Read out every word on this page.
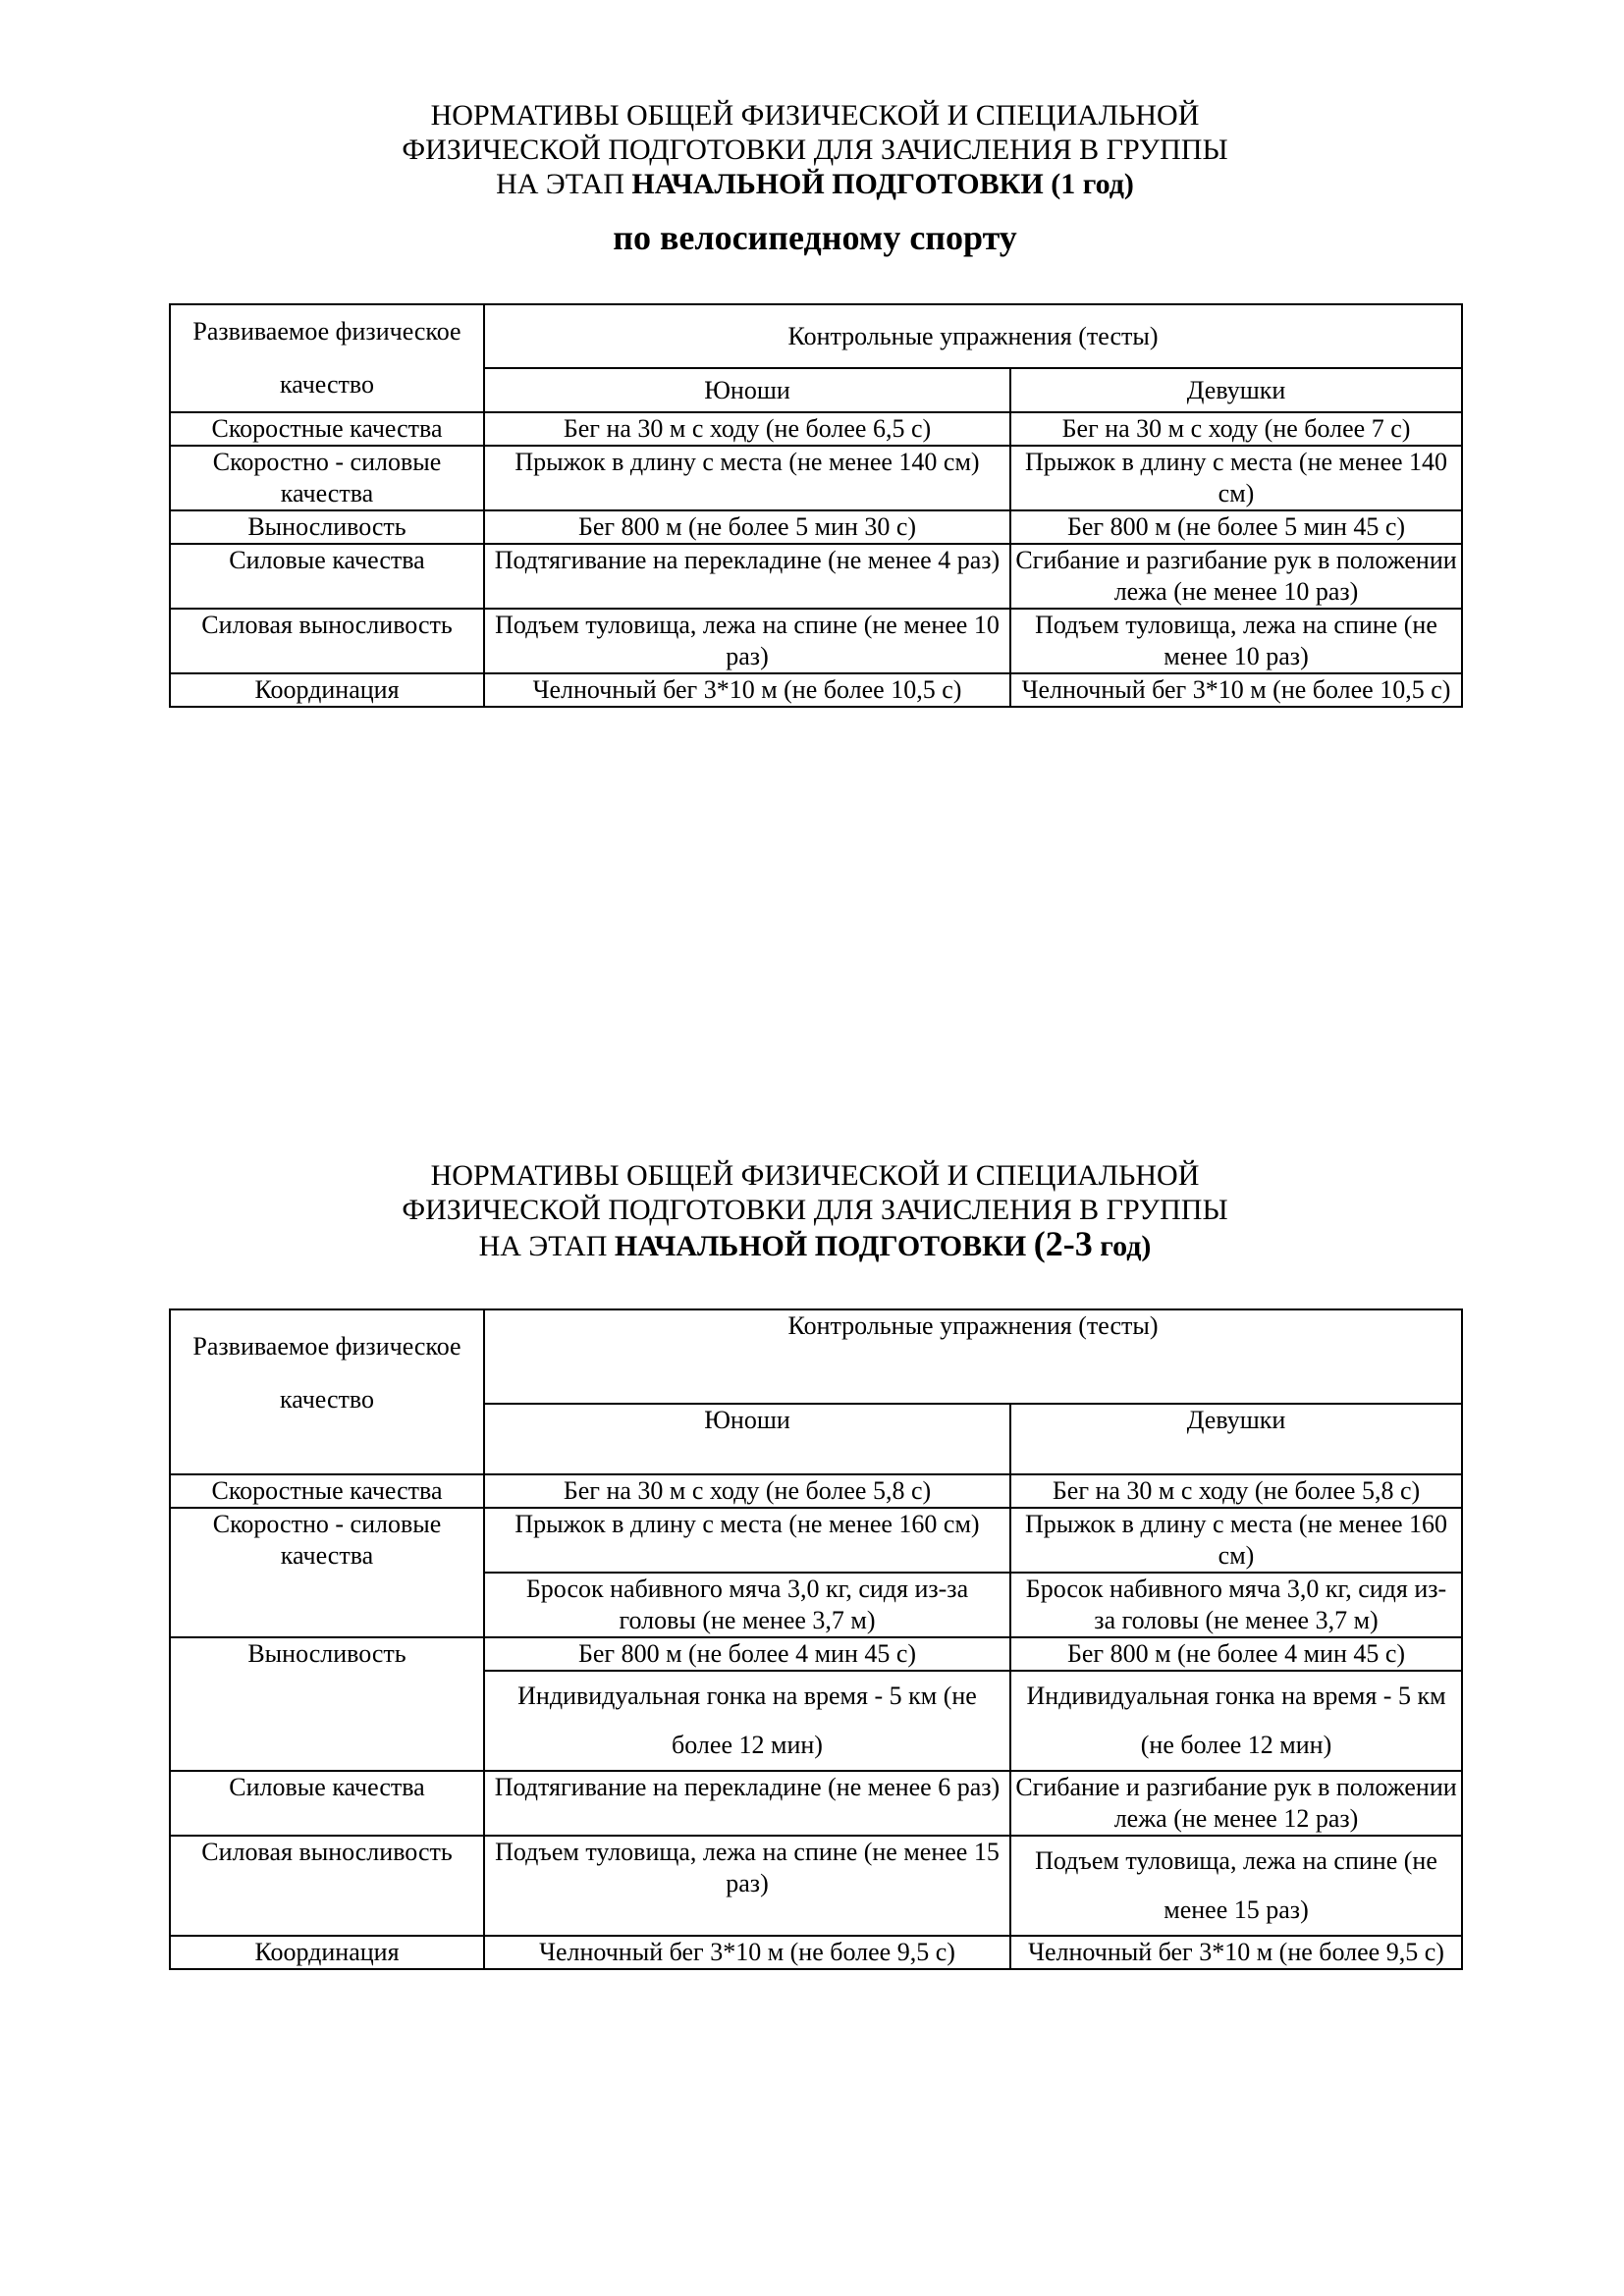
НОРМАТИВЫ ОБЩЕЙ ФИЗИЧЕСКОЙ И СПЕЦИАЛЬНОЙ
ФИЗИЧЕСКОЙ ПОДГОТОВКИ ДЛЯ ЗАЧИСЛЕНИЯ В ГРУППЫ
НА ЭТАП НАЧАЛЬНОЙ ПОДГОТОВКИ (1 год)
по велосипедному спорту
Развиваемое физическое качество	Контрольные упражнения (тесты)	
	Юноши	Девушки
Скоростные качества	Бег на 30 м с ходу (не более 6,5 с)	Бег на 30 м с ходу (не более 7 с)
Скоростно - силовые качества	Прыжок в длину с места (не менее 140 см)	Прыжок в длину с места (не менее 140 см)
Выносливость	Бег 800 м (не более 5 мин 30 с)	Бег 800 м (не более 5 мин 45 с)
Силовые качества	Подтягивание на перекладине (не менее 4 раз)	Сгибание и разгибание рук в положении лежа (не менее 10 раз)
Силовая выносливость	Подъем туловища, лежа на спине (не менее 10 раз)	Подъем туловища, лежа на спине (не менее 10 раз)
Координация	Челночный бег 3*10 м (не более 10,5 с)	Челночный бег 3*10 м (не более 10,5 с)
НОРМАТИВЫ ОБЩЕЙ ФИЗИЧЕСКОЙ И СПЕЦИАЛЬНОЙ
ФИЗИЧЕСКОЙ ПОДГОТОВКИ ДЛЯ ЗАЧИСЛЕНИЯ В ГРУППЫ
НА ЭТАП НАЧАЛЬНОЙ ПОДГОТОВКИ (2-3 год)
Развиваемое физическое качество	Контрольные упражнения (тесты)	
	Юноши	Девушки
Скоростные качества	Бег на 30 м с ходу (не более 5,8 с)	Бег на 30 м с ходу (не более 5,8 с)
Скоростно - силовые качества	Прыжок в длину с места (не менее 160 см)	Прыжок в длину с места (не менее 160 см)
	Бросок набивного мяча 3,0 кг, сидя из-за головы (не менее 3,7 м)	Бросок набивного мяча 3,0 кг, сидя из-за головы (не менее 3,7 м)
Выносливость	Бег 800 м (не более 4 мин 45 с)	Бег 800 м (не более 4 мин 45 с)
	Индивидуальная гонка на время - 5 км (не более 12 мин)	Индивидуальная гонка на время - 5 км (не более 12 мин)
Силовые качества	Подтягивание на перекладине (не менее 6 раз)	Сгибание и разгибание рук в положении лежа (не менее 12 раз)
Силовая выносливость	Подъем туловища, лежа на спине (не менее 15 раз)	Подъем туловища, лежа на спине (не менее 15 раз)
Координация	Челночный бег 3*10 м (не более 9,5 с)	Челночный бег 3*10 м (не более 9,5 с)
